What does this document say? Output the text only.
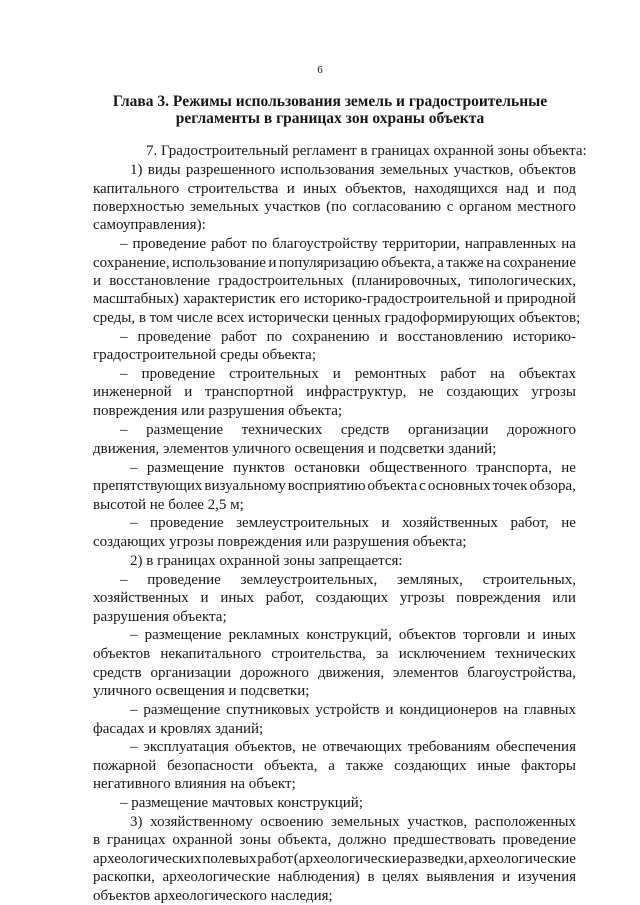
6
Глава 3. Режимы использования земель и градостроительные
регламенты в границах зон охраны объекта
7. Градостроительный регламент в границах охранной зоны объекта:
1) виды разрешенного использования земельных участков, объектов
капитального строительства и иных объектов, находящихся над и под
поверхностью земельных участков (по согласованию с органом местного
самоуправления):
– проведение работ по благоустройству территории, направленных на
сохранение, использование и популяризацию объекта, а также на сохранение
и восстановление градостроительных (планировочных, типологических,
масштабных) характеристик его историко-градостроительной и природной
среды, в том числе всех исторически ценных градоформирующих объектов;
– проведение работ по сохранению и восстановлению историко-
градостроительной среды объекта;
– проведение строительных и ремонтных работ на объектах
инженерной и транспортной инфраструктур, не создающих угрозы
повреждения или разрушения объекта;
– размещение технических средств организации дорожного
движения, элементов уличного освещения и подсветки зданий;
– размещение пунктов остановки общественного транспорта, не
препятствующих визуальному восприятию объекта с основных точек обзора,
высотой не более 2,5 м;
– проведение землеустроительных и хозяйственных работ, не
создающих угрозы повреждения или разрушения объекта;
2) в границах охранной зоны запрещается:
– проведение землеустроительных, земляных, строительных,
хозяйственных и иных работ, создающих угрозы повреждения или
разрушения объекта;
– размещение рекламных конструкций, объектов торговли и иных
объектов некапитального строительства, за исключением технических
средств организации дорожного движения, элементов благоустройства,
уличного освещения и подсветки;
– размещение спутниковых устройств и кондиционеров на главных
фасадах и кровлях зданий;
– эксплуатация объектов, не отвечающих требованиям обеспечения
пожарной безопасности объекта, а также создающих иные факторы
негативного влияния на объект;
– размещение мачтовых конструкций;
3) хозяйственному освоению земельных участков, расположенных
в границах охранной зоны объекта, должно предшествовать проведение
археологических полевых работ (археологические разведки, археологические
раскопки, археологические наблюдения) в целях выявления и изучения
объектов археологического наследия;
